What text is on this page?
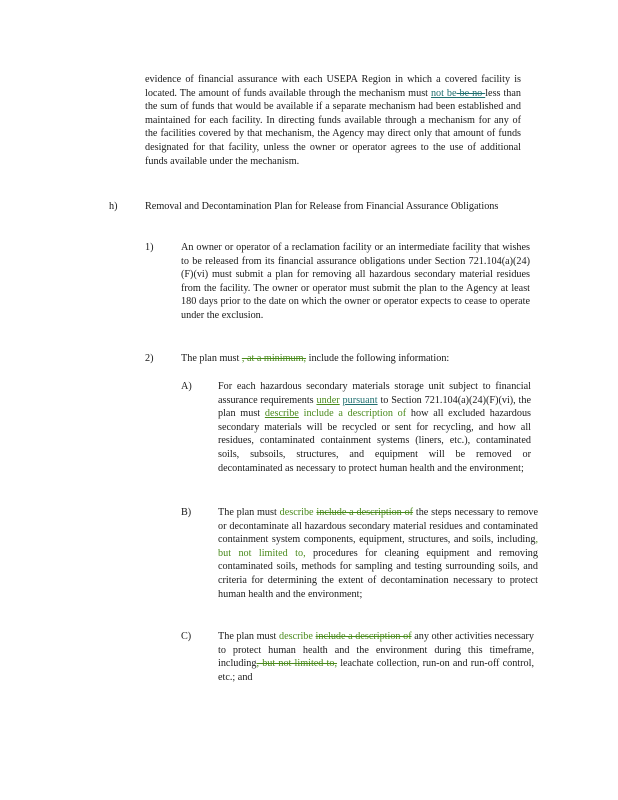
evidence of financial assurance with each USEPA Region in which a covered facility is located. The amount of funds available through the mechanism must not be be no less than the sum of funds that would be available if a separate mechanism had been established and maintained for each facility. In directing funds available through a mechanism for any of the facilities covered by that mechanism, the Agency may direct only that amount of funds designated for that facility, unless the owner or operator agrees to the use of additional funds available under the mechanism.
h)	Removal and Decontamination Plan for Release from Financial Assurance Obligations
1)	An owner or operator of a reclamation facility or an intermediate facility that wishes to be released from its financial assurance obligations under Section 721.104(a)(24)(F)(vi) must submit a plan for removing all hazardous secondary material residues from the facility. The owner or operator must submit the plan to the Agency at least 180 days prior to the date on which the owner or operator expects to cease to operate under the exclusion.
2)	The plan must , at a minimum, include the following information:
A)	For each hazardous secondary materials storage unit subject to financial assurance requirements under pursuant to Section 721.104(a)(24)(F)(vi), the plan must describe include a description of how all excluded hazardous secondary materials will be recycled or sent for recycling, and how all residues, contaminated containment systems (liners, etc.), contaminated soils, subsoils, structures, and equipment will be removed or decontaminated as necessary to protect human health and the environment;
B)	The plan must describe include a description of the steps necessary to remove or decontaminate all hazardous secondary material residues and contaminated containment system components, equipment, structures, and soils, including, but not limited to, procedures for cleaning equipment and removing contaminated soils, methods for sampling and testing surrounding soils, and criteria for determining the extent of decontamination necessary to protect human health and the environment;
C)	The plan must describe include a description of any other activities necessary to protect human health and the environment during this timeframe, including, but not limited to, leachate collection, run-on and run-off control, etc.; and
